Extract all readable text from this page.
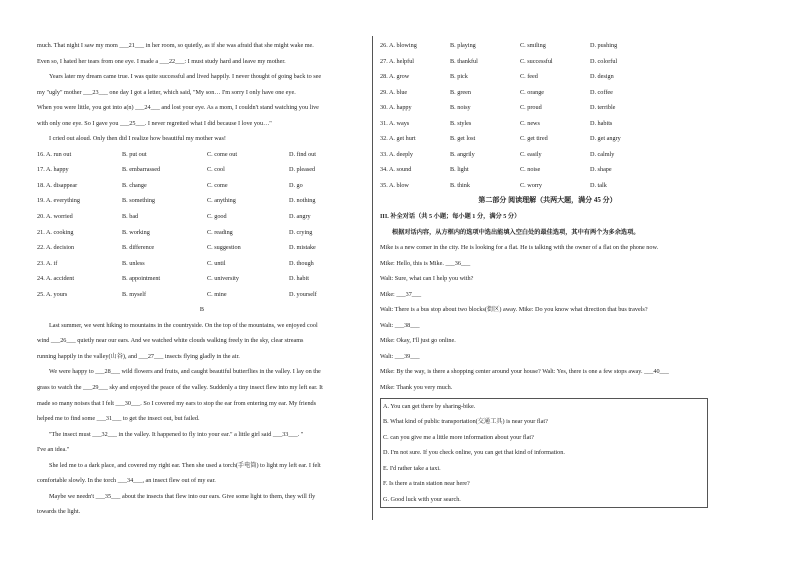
much. That night I saw my mom ___21___ in her room, so quietly, as if she was afraid that she might wake me.

Even so, I hated her tears from one eye. I made a ___22___: I must study hard and leave my mother.

Years later my dream came true. I was quite successful and lived happily. I never thought of going back to see

my "ugly" mother ___23___ one day I got a letter, which said, "My son… I'm sorry I only have one eye.

When you were little, you got into a(n) ___24___ and lost your eye. As a mom, I couldn't stand watching you live

with only one eye. So I gave you ___25___. I never regretted what I did because I love you…"

I cried out aloud. Only then did I realize how beautiful my mother was!

16. A. run out	B. put out	C. come out	D. find out
17. A. happy	B. embarrassed	C. cool	D. pleased
18. A. disappear	B. change	C. come	D. go
19. A. everything	B. something	C. anything	D. nothing
20. A. worried	B. bad	C. good	D. angry
21. A. cooking	B. working	C. reading	D. crying
22. A. decision	B. difference	C. suggestion	D. mistake
23. A. if	B. unless	C. until	D. though
24. A. accident	B. appointment	C. university	D. habit
25. A. yours	B. myself	C. mine	D. yourself

B

Last summer, we went hiking to mountains in the countryside. On the top of the mountains, we enjoyed cool

wind ___26___ quietly near our ears. And we watched white clouds walking freely in the sky, clear streams

running happily in the valley(山谷), and ___27___ insects flying gladly in the air.

We were happy to ___28___ wild flowers and fruits, and caught beautiful butterflies in the valley. I lay on the

grass to watch the ___29___ sky and enjoyed the peace of the valley. Suddenly a tiny insect flew into my left ear. It

made so many noises that I felt ___30___. So I covered my ears to stop the ear from entering my ear. My friends

helped me to find some ___31___ to get the insect out, but failed.

"The insect must ___32___ in the valley. It happened to fly into your ear." a little girl said ___33___. "

I've an idea."

She led me to a dark place, and covered my right ear. Then she used a torch(手电筒) to light my left ear. I felt

comfortable slowly. In the torch ___34___, an insect flew out of my ear.

Maybe we needn't ___35___ about the insects that flew into our ears. Give some light to them, they will fly

towards the light.

26. A. blowing	B. playing	C. smiling	D. pushing
27. A. helpful	B. thankful	C. successful	D. colorful
28. A. grow	B. pick	C. feed	D. design
29. A. blue	B. green	C. orange	D. coffee
30. A. happy	B. noisy	C. proud	D. terrible
31. A. ways	B. styles	C. news	D. habits
32. A. get hurt	B. get lost	C. get tired	D. get angry
33. A. deeply	B. angrily	C. easily	D. calmly
34. A. sound	B. light	C. noise	D. shape
35. A. blow	B. think	C. worry	D. talk

第二部分 阅读理解（共两大题，满分 45 分）

III. 补全对话（共 5 小题；每小题 1 分，满分 5 分）

根据对话内容，从方框内的选项中选出能填入空白处的最佳选项，其中有两个为多余选项。

Mike is a new comer in the city. He is looking for a flat. He is talking with the owner of a flat on the phone now.

Mike: Hello, this is Mike. ___36___

Walt: Sure, what can I help you with?

Mike: ___37___

Walt: There is a bus stop about two blocks(街区) away. Mike: Do you know what direction that bus travels?

Walt: ___38___

Mike: Okay, I'll just go online.

Walt: ___39___

Mike: By the way, is there a shopping center around your house? Walt: Yes, there is one a few stops away. ___40___

Mike: Thank you very much.

A. You can get there by sharing-bike.

B. What kind of public transportation(交通工具) is near your flat?

C. can you give me a little more information about your flat?

D. I'm not sure. If you check online, you can get that kind of information.

E. I'd rather take a taxi.

F. Is there a train station near here?

G. Good luck with your search.
